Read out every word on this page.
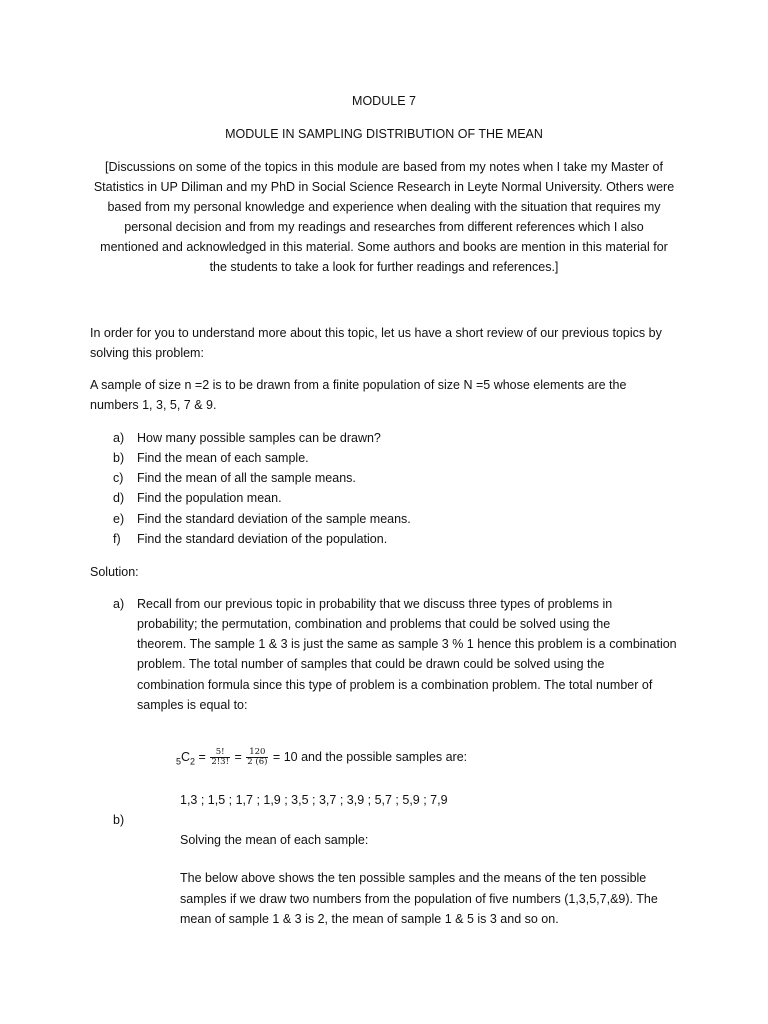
MODULE 7
MODULE IN SAMPLING DISTRIBUTION OF THE MEAN
[Discussions on some of the topics in this module are based from my notes when I take my Master of
Statistics in UP Diliman and my PhD in Social Science Research in Leyte Normal University. Others were
based from my personal knowledge and experience when dealing with the situation that requires my
personal decision and from my readings and researches from different references which I also
mentioned and acknowledged in this material. Some authors and books are mention in this material for
the students to take a look for further readings and references.]
In order for you to understand more about this topic, let us have a short review of our previous topics by
solving this problem:
A sample of size n =2 is to be drawn from a finite population of size N =5 whose elements are the
numbers 1, 3, 5, 7 & 9.
a) How many possible samples can be drawn?
b) Find the mean of each sample.
c) Find the mean of all the sample means.
d) Find the population mean.
e) Find the standard deviation of the sample means.
f) Find the standard deviation of the population.
Solution:
a) Recall from our previous topic in probability that we discuss three types of problems in
probability; the permutation, combination and problems that could be solved using the
theorem. The sample 1 & 3 is just the same as sample 3 % 1 hence this problem is a combination
problem. The total number of samples that could be drawn could be solved using the
combination formula since this type of problem is a combination problem. The total number of
samples is equal to:
$_5C_2 = \frac{5!}{2!3!} = \frac{120}{2 (6)} = 10$ and the possible samples are:
1,3 ; 1,5 ; 1,7 ; 1,9 ; 3,5 ; 3,7 ; 3,9 ; 5,7 ; 5,9 ; 7,9
b)
Solving the mean of each sample:
The below above shows the ten possible samples and the means of the ten possible
samples if we draw two numbers from the population of five numbers (1,3,5,7,&9). The
mean of sample 1 & 3 is 2, the mean of sample 1 & 5 is 3 and so on.
